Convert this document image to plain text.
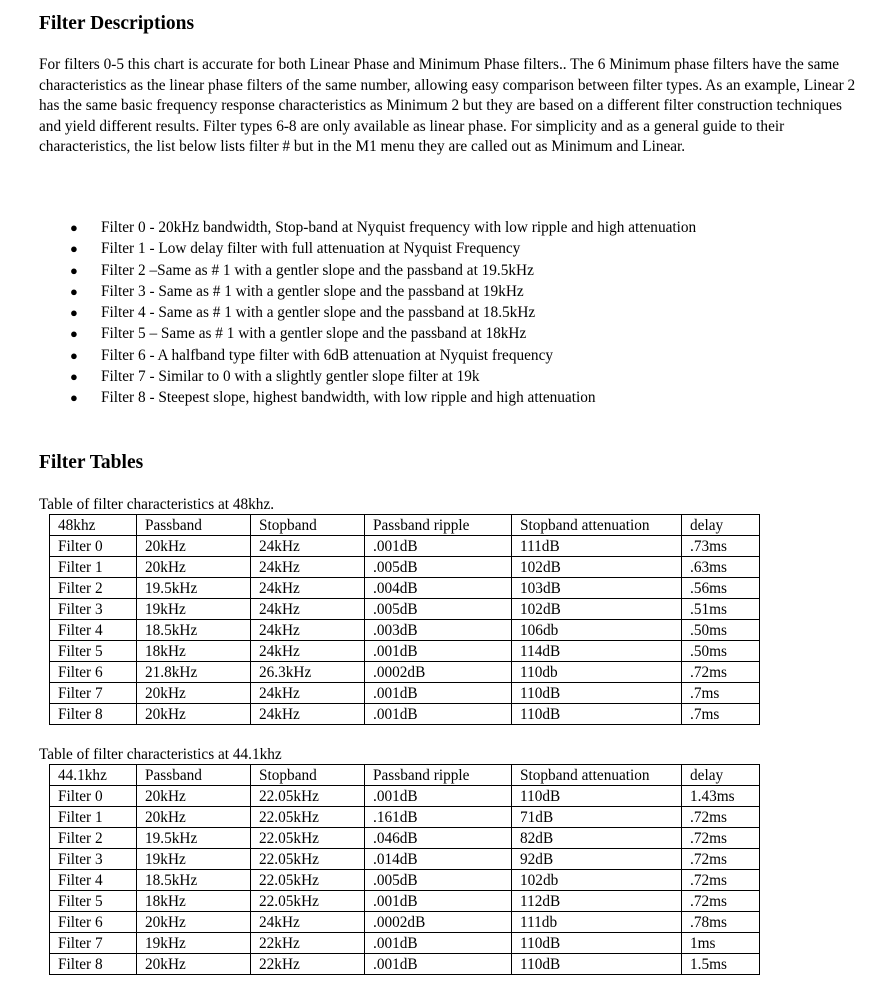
Filter Descriptions

For filters 0-5 this chart is accurate for both Linear Phase and Minimum Phase filters.. The 6 Minimum phase filters have the same characteristics as the linear phase filters of the same number, allowing easy comparison between filter types. As an example, Linear 2 has the same basic frequency response characteristics as Minimum 2 but they are based on a different filter construction techniques and yield different results. Filter types 6-8 are only available as linear phase. For simplicity and as a general guide to their characteristics, the list below lists filter # but in the M1 menu they are called out as Minimum and Linear.

● Filter 0 - 20kHz bandwidth, Stop-band at Nyquist frequency with low ripple and high attenuation
● Filter 1 - Low delay filter with full attenuation at Nyquist Frequency
● Filter 2 –Same as # 1 with a gentler slope and the passband at 19.5kHz
● Filter 3 - Same as # 1 with a gentler slope and the passband at 19kHz
● Filter 4 - Same as # 1 with a gentler slope and the passband at 18.5kHz
● Filter 5 – Same as # 1 with a gentler slope and the passband at 18kHz
● Filter 6 - A halfband type filter with 6dB attenuation at Nyquist frequency
● Filter 7 - Similar to 0 with a slightly gentler slope filter at 19k
● Filter 8 - Steepest slope, highest bandwidth, with low ripple and high attenuation
Filter Tables

Table of filter characteristics at 48khz.

48khz	Passband	Stopband	Passband ripple	Stopband attenuation	delay
Filter 0	20kHz	24kHz	.001dB	111dB	.73ms
Filter 1	20kHz	24kHz	.005dB	102dB	.63ms
Filter 2	19.5kHz	24kHz	.004dB	103dB	.56ms
Filter 3	19kHz	24kHz	.005dB	102dB	.51ms
Filter 4	18.5kHz	24kHz	.003dB	106db	.50ms
Filter 5	18kHz	24kHz	.001dB	114dB	.50ms
Filter 6	21.8kHz	26.3kHz	.0002dB	110db	.72ms
Filter 7	20kHz	24kHz	.001dB	110dB	.7ms
Filter 8	20kHz	24kHz	.001dB	110dB	.7ms

Table of filter characteristics at 44.1khz

44.1khz	Passband	Stopband	Passband ripple	Stopband attenuation	delay
Filter 0	20kHz	22.05kHz	.001dB	110dB	1.43ms
Filter 1	20kHz	22.05kHz	.161dB	71dB	.72ms
Filter 2	19.5kHz	22.05kHz	.046dB	82dB	.72ms
Filter 3	19kHz	22.05kHz	.014dB	92dB	.72ms
Filter 4	18.5kHz	22.05kHz	.005dB	102db	.72ms
Filter 5	18kHz	22.05kHz	.001dB	112dB	.72ms
Filter 6	20kHz	24kHz	.0002dB	111db	.78ms
Filter 7	19kHz	22kHz	.001dB	110dB	1ms
Filter 8	20kHz	22kHz	.001dB	110dB	1.5ms
